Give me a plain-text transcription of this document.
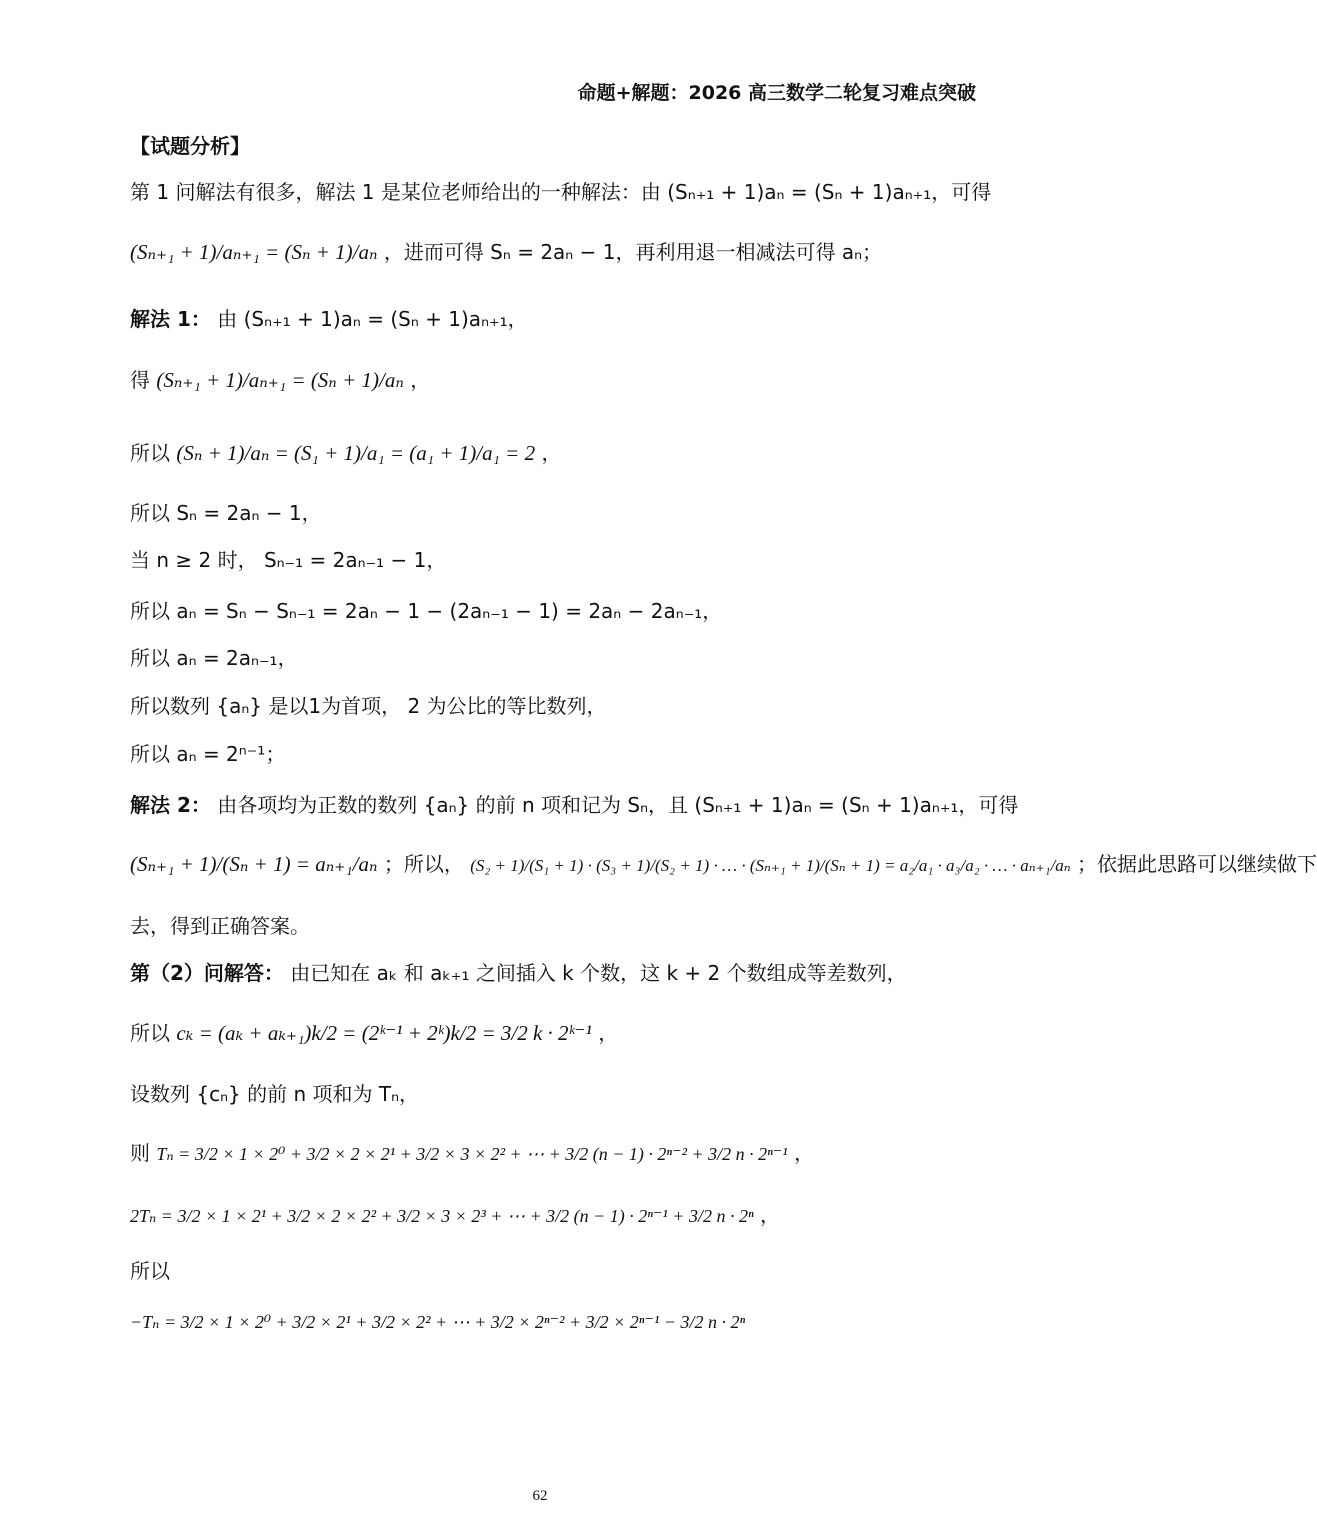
命题+解题：2026 高三数学二轮复习难点突破
【试题分析】
第 1 问解法有很多，解法 1 是某位老师给出的一种解法：由 (Sₙ₊₁ + 1)aₙ = (Sₙ + 1)aₙ₊₁，可得
(Sₙ₊₁ + 1)/aₙ₊₁ = (Sₙ + 1)/aₙ ，进而可得 Sₙ = 2aₙ − 1，再利用退一相减法可得 aₙ；
解法 1： 由 (Sₙ₊₁ + 1)aₙ = (Sₙ + 1)aₙ₊₁，
得 (Sₙ₊₁ + 1)/aₙ₊₁ = (Sₙ + 1)/aₙ ，
所以 (Sₙ + 1)/aₙ = (S₁ + 1)/a₁ = (a₁ + 1)/a₁ = 2 ，
所以 Sₙ = 2aₙ − 1，
当 n ≥ 2 时， Sₙ₋₁ = 2aₙ₋₁ − 1，
所以 aₙ = Sₙ − Sₙ₋₁ = 2aₙ − 1 − (2aₙ₋₁ − 1) = 2aₙ − 2aₙ₋₁，
所以 aₙ = 2aₙ₋₁，
所以数列 {aₙ} 是以1为首项， 2 为公比的等比数列，
所以 aₙ = 2ⁿ⁻¹；
解法 2： 由各项均为正数的数列 {aₙ} 的前 n 项和记为 Sₙ，且 (Sₙ₊₁ + 1)aₙ = (Sₙ + 1)aₙ₊₁，可得
(Sₙ₊₁ + 1)/(Sₙ + 1) = aₙ₊₁/aₙ ；所以， (S₂ + 1)/(S₁ + 1) · (S₃ + 1)/(S₂ + 1) · … · (Sₙ₊₁ + 1)/(Sₙ + 1) = a₂/a₁ · a₃/a₂ · … · aₙ₊₁/aₙ ；依据此思路可以继续做下
去，得到正确答案。
第（2）问解答： 由已知在 aₖ 和 aₖ₊₁ 之间插入 k 个数，这 k + 2 个数组成等差数列，
所以 cₖ = (aₖ + aₖ₊₁)k/2 = (2ᵏ⁻¹ + 2ᵏ)k/2 = 3/2 k · 2ᵏ⁻¹ ，
设数列 {cₙ} 的前 n 项和为 Tₙ，
则 Tₙ = 3/2 × 1 × 2⁰ + 3/2 × 2 × 2¹ + 3/2 × 3 × 2² + ⋯ + 3/2 (n − 1) · 2ⁿ⁻² + 3/2 n · 2ⁿ⁻¹ ，
2Tₙ = 3/2 × 1 × 2¹ + 3/2 × 2 × 2² + 3/2 × 3 × 2³ + ⋯ + 3/2 (n − 1) · 2ⁿ⁻¹ + 3/2 n · 2ⁿ ，
所以
−Tₙ = 3/2 × 1 × 2⁰ + 3/2 × 2¹ + 3/2 × 2² + ⋯ + 3/2 × 2ⁿ⁻² + 3/2 × 2ⁿ⁻¹ − 3/2 n · 2ⁿ
62
